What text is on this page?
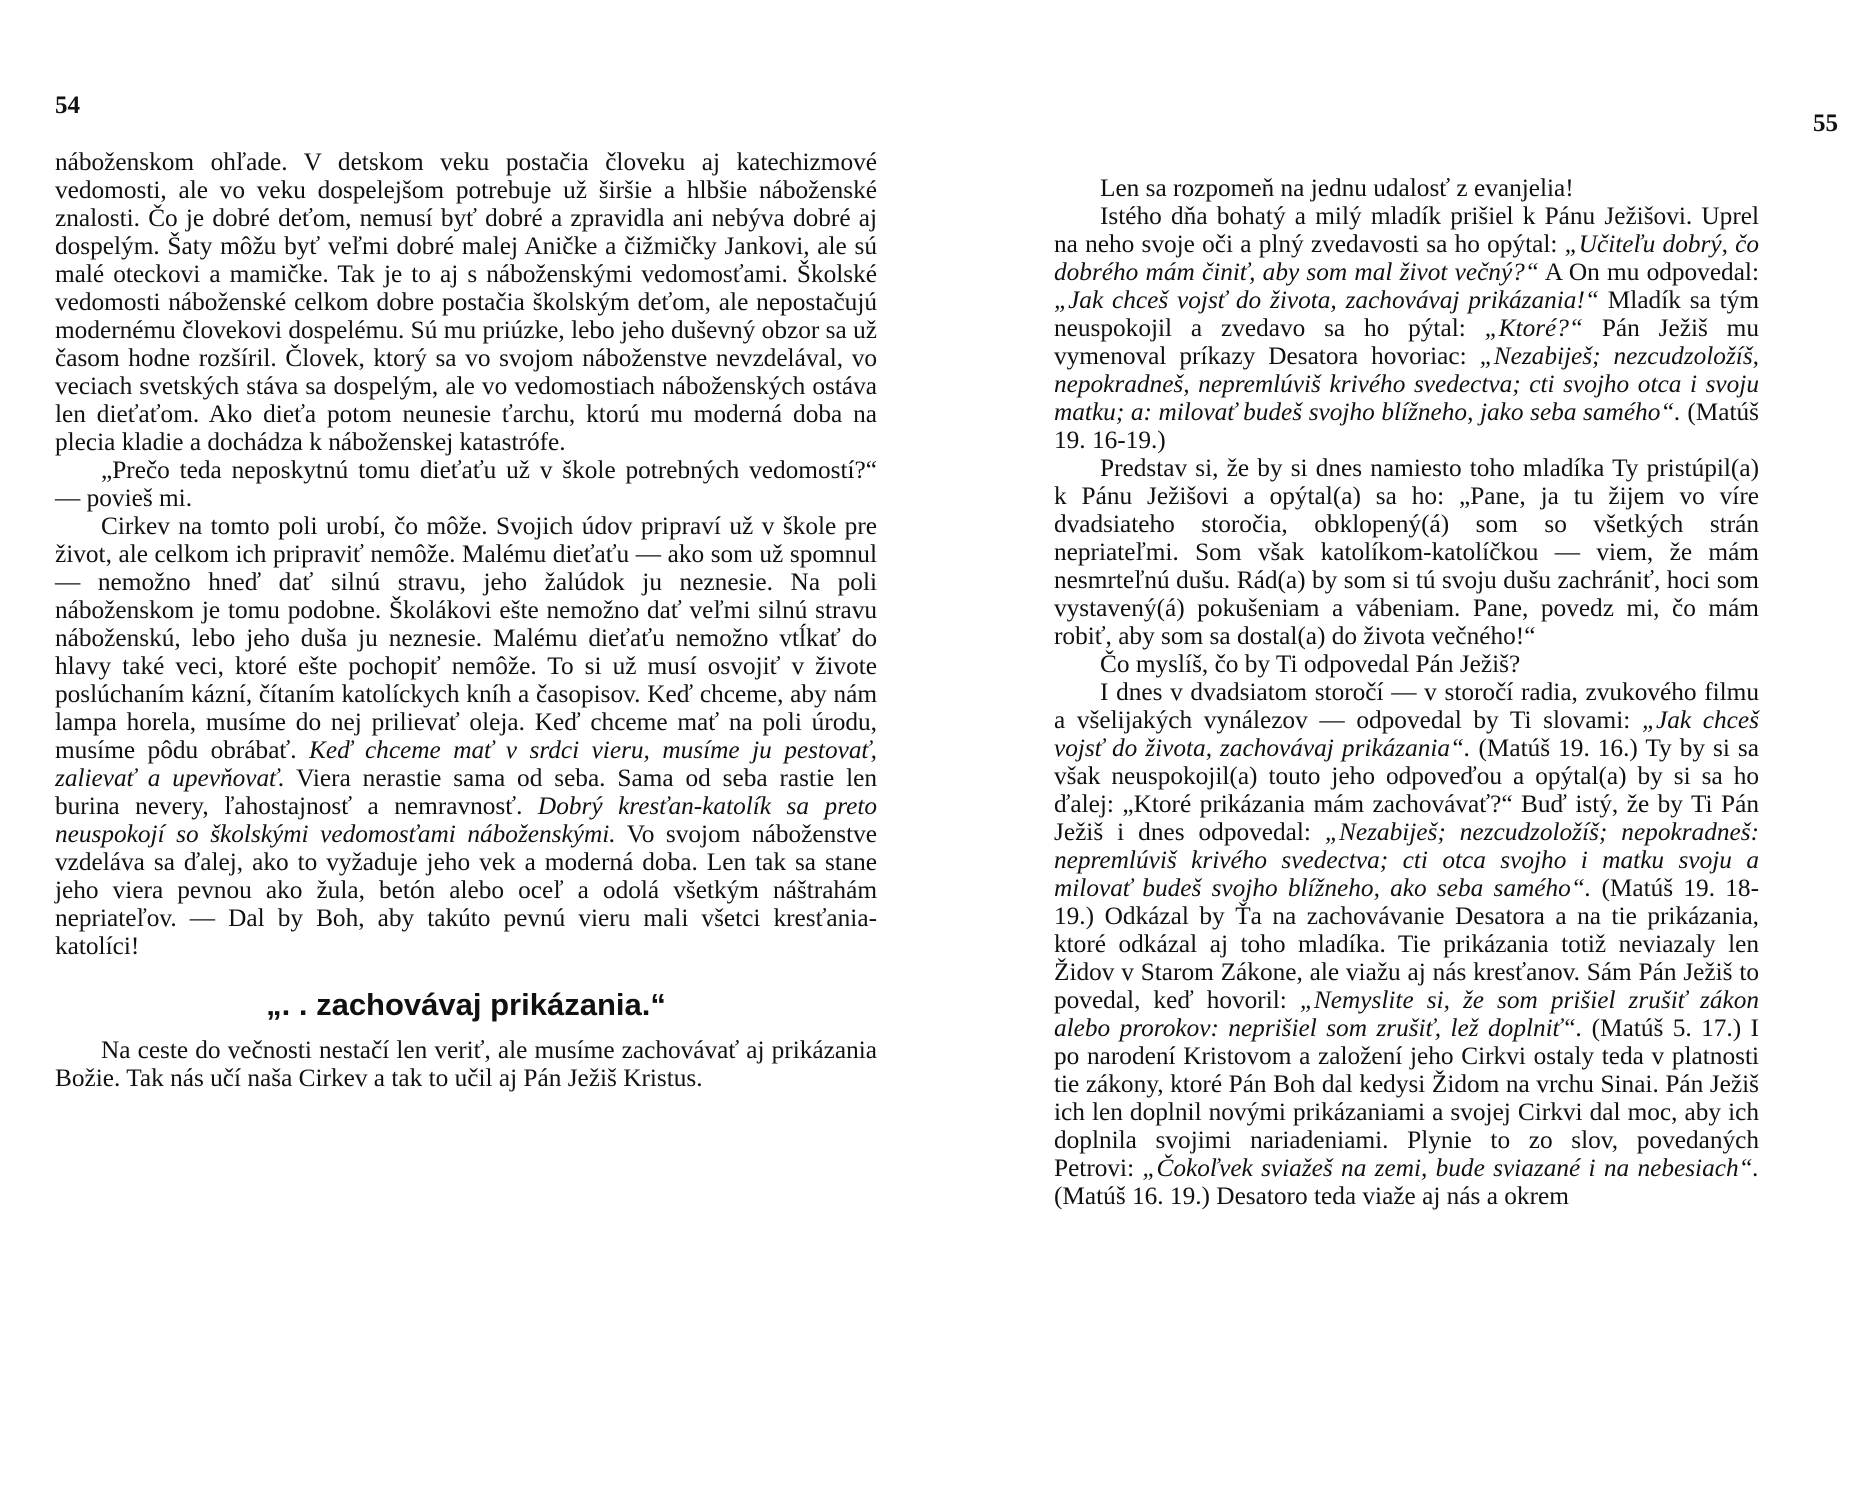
54

náboženskom ohľade. V detskom veku postačia človeku aj katechizmové vedomosti, ale vo veku dospelejšom potrebuje už širšie a hlbšie náboženské znalosti. Čo je dobré deťom, nemusí byť dobré a zpravidla ani nebýva dobré aj dospelým. Šaty môžu byť veľmi dobré malej Aničke a čižmičky Jankovi, ale sú malé oteckovi a mamičke. Tak je to aj s náboženskými vedomosťami. Školské vedomosti náboženské celkom dobre postačia školským deťom, ale nepostačujú modernému človekovi dospelému. Sú mu priúzke, lebo jeho duševný obzor sa už časom hodne rozšíril. Človek, ktorý sa vo svojom náboženstve nevzdelával, vo veciach svetských stáva sa dospelým, ale vo vedomostiach náboženských ostáva len dieťaťom. Ako dieťa potom neunesie ťarchu, ktorú mu moderná doba na plecia kladie a dochádza k náboženskej katastrófe.

„Prečo teda neposkytnú tomu dieťaťu už v škole potrebných vedomostí?“ — povieš mi.

Cirkev na tomto poli urobí, čo môže. Svojich údov pripraví už v škole pre život, ale celkom ich pripraviť nemôže. Malému dieťaťu — ako som už spomnul — nemožno hneď dať silnú stravu, jeho žalúdok ju neznesie. Na poli náboženskom je tomu podobne. Školákovi ešte nemožno dať veľmi silnú stravu náboženskú, lebo jeho duša ju neznesie. Malému dieťaťu nemožno vtĺkať do hlavy také veci, ktoré ešte pochopiť nemôže. To si už musí osvojiť v živote poslúchaním kázní, čítaním katolíckych kníh a časopisov. Keď chceme, aby nám lampa horela, musíme do nej prilievať oleja. Keď chceme mať na poli úrodu, musíme pôdu obrábať. Keď chceme mať v srdci vieru, musíme ju pestovať, zalievať a upevňovať. Viera nerastie sama od seba. Sama od seba rastie len burina nevery, ľahostajnosť a nemravnosť. Dobrý kresťan-katolík sa preto neuspokojí so školskými vedomosťami náboženskými. Vo svojom náboženstve vzdeláva sa ďalej, ako to vyžaduje jeho vek a moderná doba. Len tak sa stane jeho viera pevnou ako žula, betón alebo oceľ a odolá všetkým náštrahám nepriateľov. — Dal by Boh, aby takúto pevnú vieru mali všetci kresťania-katolíci!

„. . zachovávaj prikázania.“

Na ceste do večnosti nestačí len veriť, ale musíme zachovávať aj prikázania Božie. Tak nás učí naša Cirkev a tak to učil aj Pán Ježiš Kristus.

55

Len sa rozpomeň na jednu udalosť z evanjelia!

Istého dňa bohatý a milý mladík prišiel k Pánu Ježišovi. Uprel na neho svoje oči a plný zvedavosti sa ho opýtal: „Učiteľu dobrý, čo dobrého mám činiť, aby som mal život večný?“ A On mu odpovedal: „Jak chceš vojsť do života, zachovávaj prikázania!“ Mladík sa tým neuspokojil a zvedavo sa ho pýtal: „Ktoré?“ Pán Ježiš mu vymenoval príkazy Desatora hovoriac: „Nezabiješ; nezcudzoložíš, nepokradneš, nepremlúviš krivého svedectva; cti svojho otca i svoju matku; a: milovať budeš svojho blížneho, jako seba samého“. (Matúš 19. 16-19.)

Predstav si, že by si dnes namiesto toho mladíka Ty pristúpil(a) k Pánu Ježišovi a opýtal(a) sa ho: „Pane, ja tu žijem vo víre dvadsiateho storočia, obklopený(á) som so všetkých strán nepriateľmi. Som však katolíkom-katolíčkou — viem, že mám nesmrteľnú dušu. Rád(a) by som si tú svoju dušu zachrániť, hoci som vystavený(á) pokušeniam a vábeniam. Pane, povedz mi, čo mám robiť, aby som sa dostal(a) do života večného!“

Čo myslíš, čo by Ti odpovedal Pán Ježiš?

I dnes v dvadsiatom storočí — v storočí radia, zvukového filmu a všelijakých vynálezov — odpovedal by Ti slovami: „Jak chceš vojsť do života, zachovávaj prikázania“. (Matúš 19. 16.) Ty by si sa však neuspokojil(a) touto jeho odpoveďou a opýtal(a) by si sa ho ďalej: „Ktoré prikázania mám zachovávať?“ Buď istý, že by Ti Pán Ježiš i dnes odpovedal: „Nezabiješ; nezcudzoložíš; nepokradneš: nepremlúviš krivého svedectva; cti otca svojho i matku svoju a milovať budeš svojho blížneho, ako seba samého“. (Matúš 19. 18-19.) Odkázal by Ťa na zachovávanie Desatora a na tie prikázania, ktoré odkázal aj toho mladíka. Tie prikázania totiž neviazaly len Židov v Starom Zákone, ale viažu aj nás kresťanov. Sám Pán Ježiš to povedal, keď hovoril: „Nemyslite si, že som prišiel zrušiť zákon alebo prorokov: neprišiel som zrušiť, lež doplniť“. (Matúš 5. 17.) I po narodení Kristovom a založení jeho Cirkvi ostaly teda v platnosti tie zákony, ktoré Pán Boh dal kedysi Židom na vrchu Sinai. Pán Ježiš ich len doplnil novými prikázaniami a svojej Cirkvi dal moc, aby ich doplnila svojimi nariadeniami. Plynie to zo slov, povedaných Petrovi: „Čokoľvek sviažeš na zemi, bude sviazané i na nebesiach“. (Matúš 16. 19.) Desatoro teda viaže aj nás a okrem
